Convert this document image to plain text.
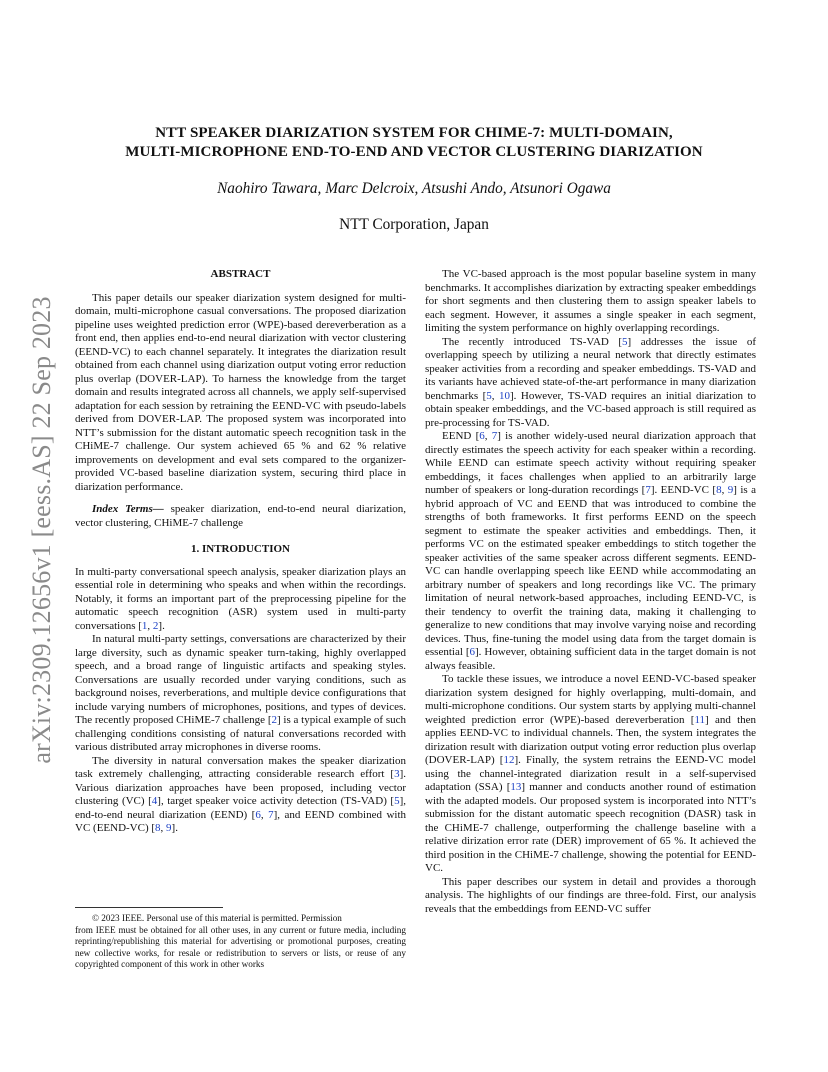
arXiv:2309.12656v1 [eess.AS] 22 Sep 2023
NTT SPEAKER DIARIZATION SYSTEM FOR CHIME-7: MULTI-DOMAIN,
MULTI-MICROPHONE END-TO-END AND VECTOR CLUSTERING DIARIZATION
Naohiro Tawara, Marc Delcroix, Atsushi Ando, Atsunori Ogawa
NTT Corporation, Japan
ABSTRACT

This paper details our speaker diarization system designed for multi-domain, multi-microphone casual conversations. The proposed diarization pipeline uses weighted prediction error (WPE)-based dereverberation as a front end, then applies end-to-end neural diarization with vector clustering (EEND-VC) to each channel separately. It integrates the diarization result obtained from each channel using diarization output voting error reduction plus overlap (DOVER-LAP). To harness the knowledge from the target domain and results integrated across all channels, we apply self-supervised adaptation for each session by retraining the EEND-VC with pseudo-labels derived from DOVER-LAP. The proposed system was incorporated into NTT’s submission for the distant automatic speech recognition task in the CHiME-7 challenge. Our system achieved 65 % and 62 % relative improvements on development and eval sets compared to the organizer-provided VC-based baseline diarization system, securing third place in diarization performance.

Index Terms— speaker diarization, end-to-end neural diarization, vector clustering, CHiME-7 challenge

1. INTRODUCTION

In multi-party conversational speech analysis, speaker diarization plays an essential role in determining who speaks and when within the recordings. Notably, it forms an important part of the preprocessing pipeline for the automatic speech recognition (ASR) system used in multi-party conversations [1, 2].

In natural multi-party settings, conversations are characterized by their large diversity, such as dynamic speaker turn-taking, highly overlapped speech, and a broad range of linguistic artifacts and speaking styles. Conversations are usually recorded under varying conditions, such as background noises, reverberations, and multiple device configurations that include varying numbers of microphones, positions, and types of devices. The recently proposed CHiME-7 challenge [2] is a typical example of such challenging conditions consisting of natural conversations recorded with various distributed array microphones in diverse rooms.

The diversity in natural conversation makes the speaker diarization task extremely challenging, attracting considerable research effort [3]. Various diarization approaches have been proposed, including vector clustering (VC) [4], target speaker voice activity detection (TS-VAD) [5], end-to-end neural diarization (EEND) [6, 7], and EEND combined with VC (EEND-VC) [8, 9].

© 2023 IEEE. Personal use of this material is permitted. Permission
from IEEE must be obtained for all other uses, in any current or future media, including reprinting/republishing this material for advertising or promotional purposes, creating new collective works, for resale or redistribution to servers or lists, or reuse of any copyrighted component of this work in other works

The VC-based approach is the most popular baseline system in many benchmarks. It accomplishes diarization by extracting speaker embeddings for short segments and then clustering them to assign speaker labels to each segment. However, it assumes a single speaker in each segment, limiting the system performance on highly overlapping recordings.

The recently introduced TS-VAD [5] addresses the issue of overlapping speech by utilizing a neural network that directly estimates speaker activities from a recording and speaker embeddings. TS-VAD and its variants have achieved state-of-the-art performance in many diarization benchmarks [5, 10]. However, TS-VAD requires an initial diarization to obtain speaker embeddings, and the VC-based approach is still required as pre-processing for TS-VAD.

EEND [6, 7] is another widely-used neural diarization approach that directly estimates the speech activity for each speaker within a recording. While EEND can estimate speech activity without requiring speaker embeddings, it faces challenges when applied to an arbitrarily large number of speakers or long-duration recordings [7]. EEND-VC [8, 9] is a hybrid approach of VC and EEND that was introduced to combine the strengths of both frameworks. It first performs EEND on the speech segment to estimate the speaker activities and embeddings. Then, it performs VC on the estimated speaker embeddings to stitch together the speaker activities of the same speaker across different segments. EEND-VC can handle overlapping speech like EEND while accommodating an arbitrary number of speakers and long recordings like VC. The primary limitation of neural network-based approaches, including EEND-VC, is their tendency to overfit the training data, making it challenging to generalize to new conditions that may involve varying noise and recording devices. Thus, fine-tuning the model using data from the target domain is essential [6]. However, obtaining sufficient data in the target domain is not always feasible.

To tackle these issues, we introduce a novel EEND-VC-based speaker diarization system designed for highly overlapping, multi-domain, and multi-microphone conditions. Our system starts by applying multi-channel weighted prediction error (WPE)-based dereverberation [11] and then applies EEND-VC to individual channels. Then, the system integrates the dirization result with diarization output voting error reduction plus overlap (DOVER-LAP) [12]. Finally, the system retrains the EEND-VC model using the channel-integrated diarization result in a self-supervised adaptation (SSA) [13] manner and conducts another round of estimation with the adapted models. Our proposed system is incorporated into NTT’s submission for the distant automatic speech recognition (DASR) task in the CHiME-7 challenge, outperforming the challenge baseline with a relative dirization error rate (DER) improvement of 65 %. It achieved the third position in the CHiME-7 challenge, showing the potential for EEND-VC.

This paper describes our system in detail and provides a thorough analysis. The highlights of our findings are three-fold. First, our analysis reveals that the embeddings from EEND-VC suffer
